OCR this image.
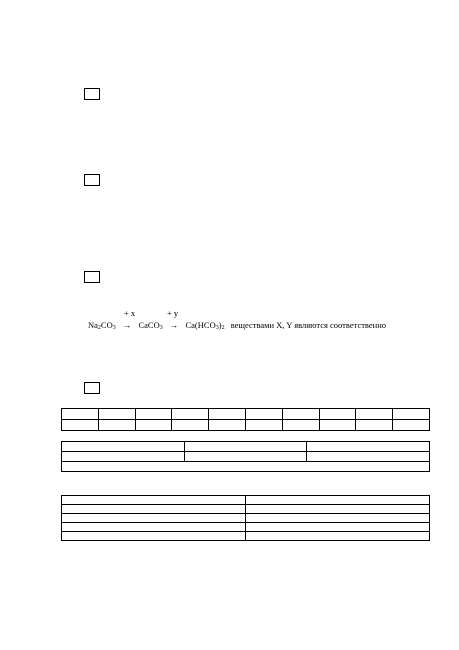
+ x	+ y
$Na_2CO_3$ → CaCO$_3$ → $Ca(HCO_3)_2$ веществами X, Y являются соответственно
